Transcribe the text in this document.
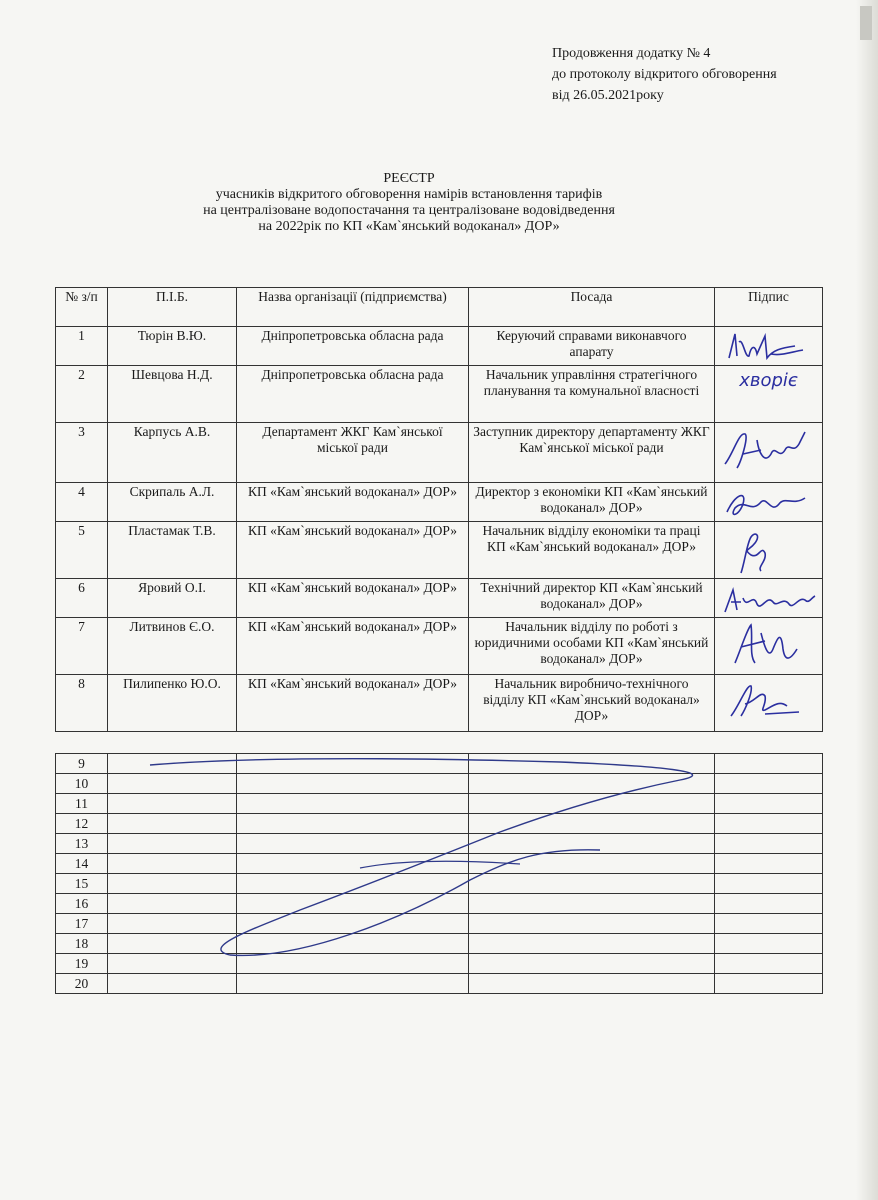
Продовження додатку № 4
до протоколу відкритого обговорення
від 26.05.2021року
РЕЄСТР
учасників відкритого обговорення намірів встановлення тарифів
на централізоване водопостачання та централізоване водовідведення
на 2022рік по КП «Кам`янський водоканал» ДОР»
№ з/п	П.І.Б.	Назва організації (підприємства)	Посада	Підпис
1	Тюрін В.Ю.	Дніпропетровська обласна рада	Керуючий справами виконавчого апарату	

2	Шевцова Н.Д.	Дніпропетровська обласна рада	Начальник управління стратегічного планування та комунальної власності	хворіє

3	Карпусь А.В.	Департамент ЖКГ Кам`янської міської ради	Заступник директору департаменту ЖКГ Кам`янської міської ради	

4	Скрипаль А.Л.	КП «Кам`янський водоканал» ДОР»	Директор з економіки КП «Кам`янський водоканал» ДОР»	

5	Пластамак Т.В.	КП «Кам`янський водоканал» ДОР»	Начальник відділу економіки та праці КП «Кам`янський водоканал» ДОР»	

6	Яровий О.І.	КП «Кам`янський водоканал» ДОР»	Технічний директор КП «Кам`янський водоканал» ДОР»	

7	Литвинов Є.О.	КП «Кам`янський водоканал» ДОР»	Начальник відділу по роботі з юридичними особами КП «Кам`янський водоканал» ДОР»	

8	Пилипенко Ю.О.	КП «Кам`янський водоканал» ДОР»	Начальник виробничо-технічного відділу КП «Кам`янський водоканал» ДОР»	
9				
10				
11				
12				
13				
14				
15				
16				
17				
18				
19				
20				
